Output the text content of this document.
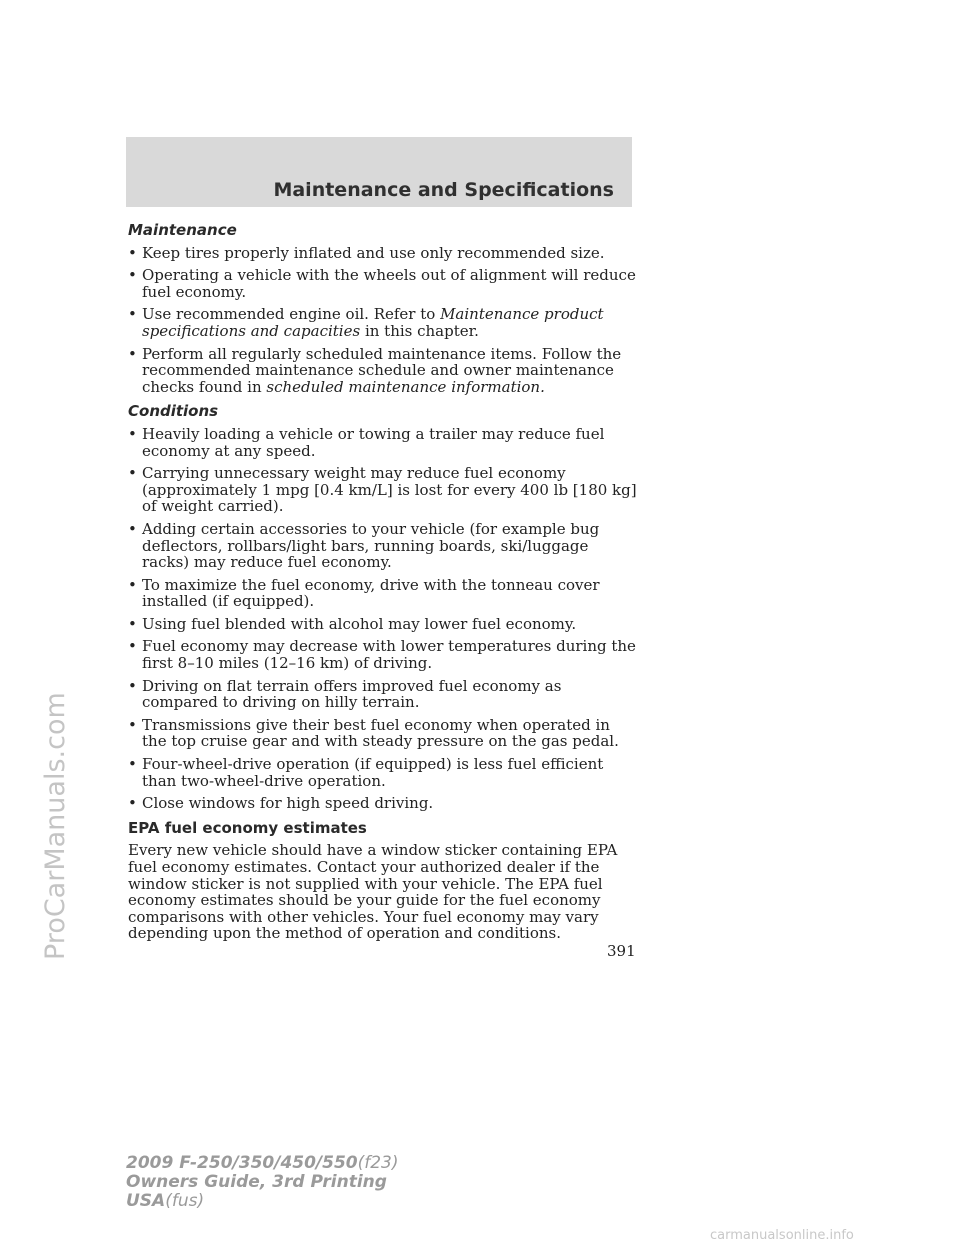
Maintenance and Specifications
Maintenance
• Keep tires properly inflated and use only recommended size.
• Operating a vehicle with the wheels out of alignment will reduce fuel economy.
• Use recommended engine oil. Refer to Maintenance product specifications and capacities in this chapter.
• Perform all regularly scheduled maintenance items. Follow the recommended maintenance schedule and owner maintenance checks found in scheduled maintenance information.
Conditions
• Heavily loading a vehicle or towing a trailer may reduce fuel economy at any speed.
• Carrying unnecessary weight may reduce fuel economy (approximately 1 mpg [0.4 km/L] is lost for every 400 lb [180 kg] of weight carried).
• Adding certain accessories to your vehicle (for example bug deflectors, rollbars/light bars, running boards, ski/luggage racks) may reduce fuel economy.
• To maximize the fuel economy, drive with the tonneau cover installed (if equipped).
• Using fuel blended with alcohol may lower fuel economy.
• Fuel economy may decrease with lower temperatures during the first 8–10 miles (12–16 km) of driving.
• Driving on flat terrain offers improved fuel economy as compared to driving on hilly terrain.
• Transmissions give their best fuel economy when operated in the top cruise gear and with steady pressure on the gas pedal.
• Four-wheel-drive operation (if equipped) is less fuel efficient than two-wheel-drive operation.
• Close windows for high speed driving.
EPA fuel economy estimates

Every new vehicle should have a window sticker containing EPA fuel economy estimates. Contact your authorized dealer if the window sticker is not supplied with your vehicle. The EPA fuel economy estimates should be your guide for the fuel economy comparisons with other vehicles. Your fuel economy may vary depending upon the method of operation and conditions.

391
2009 F-250/350/450/550(f23)
Owners Guide, 3rd Printing
USA(fus)
ProCarManuals.com
carmanualsonline.info
